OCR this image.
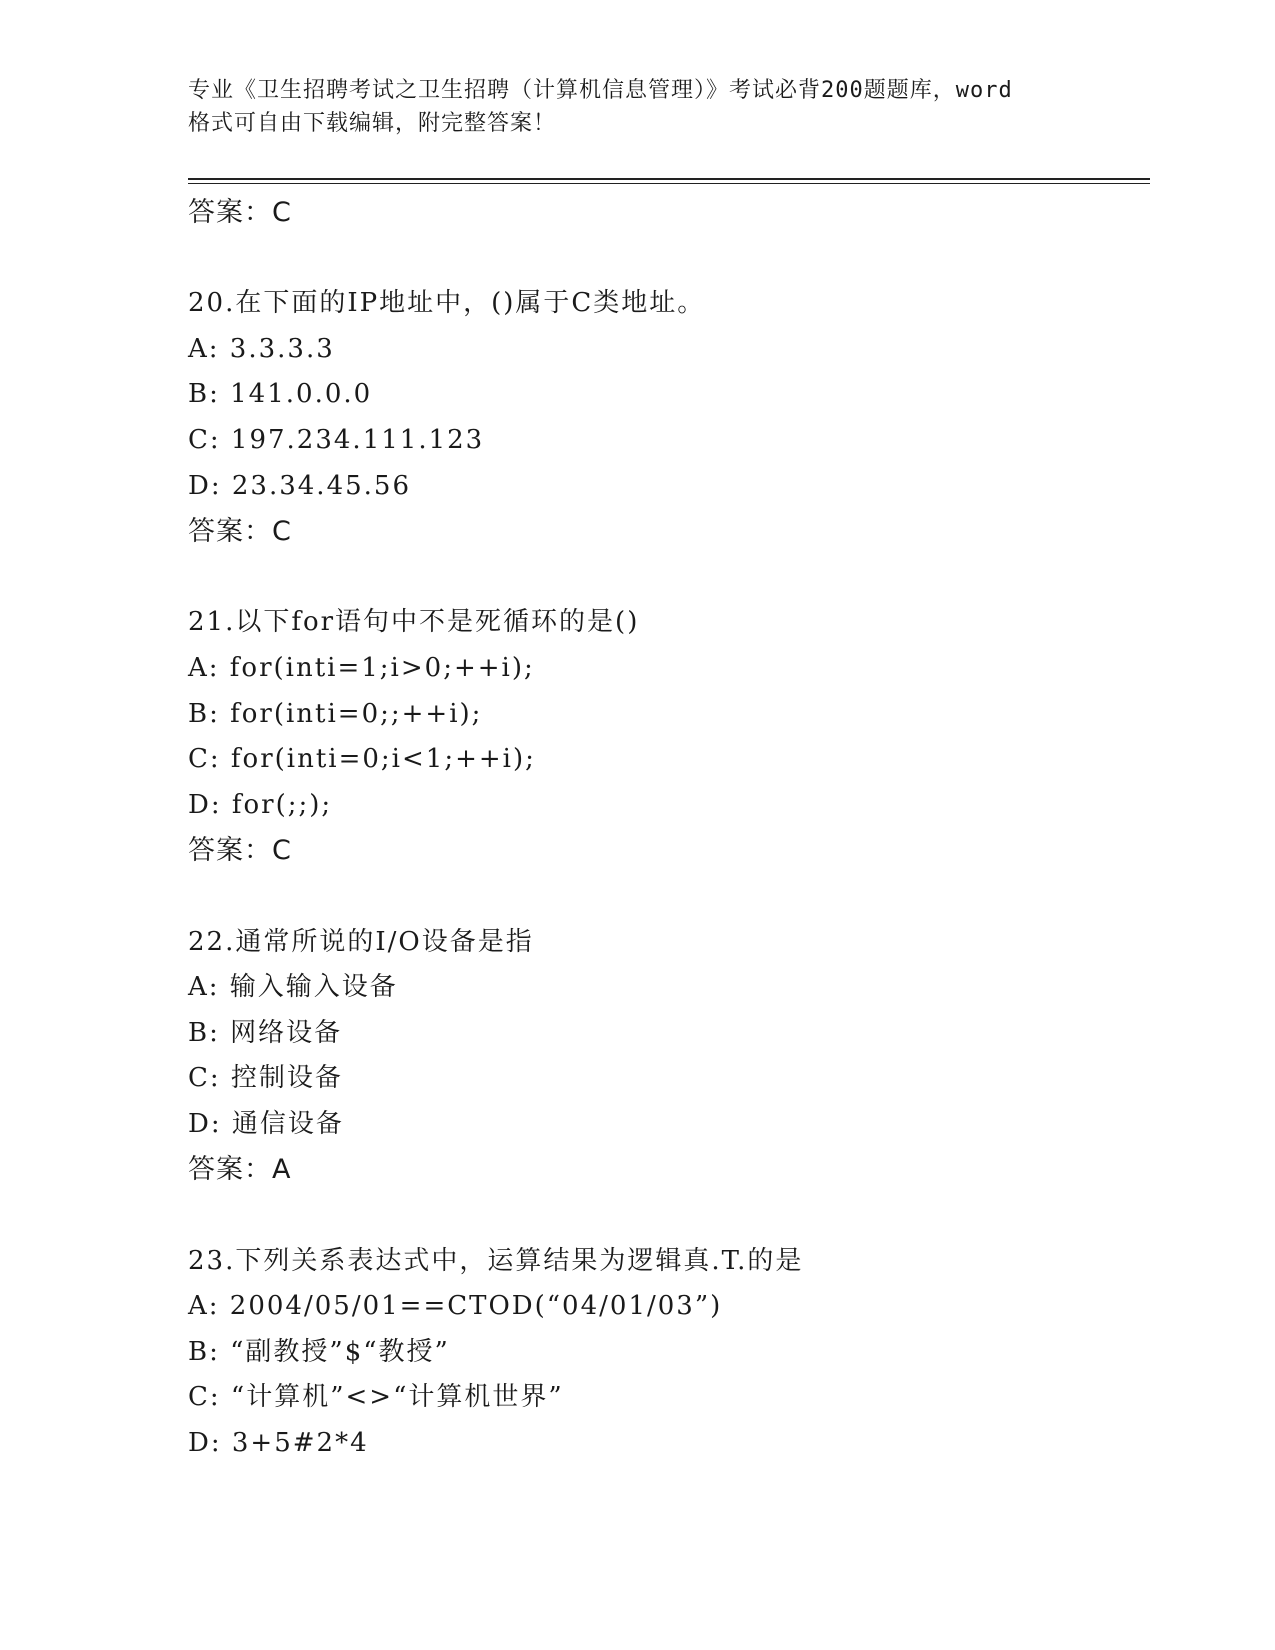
专业《卫生招聘考试之卫生招聘（计算机信息管理）》考试必背200题题库，word
格式可自由下载编辑，附完整答案！
答案：C
20.在下面的IP地址中，()属于C类地址。
A: 3.3.3.3
B: 141.0.0.0
C: 197.234.111.123
D: 23.34.45.56
答案：C
21.以下for语句中不是死循环的是()
A: for(inti=1;i>0;++i);
B: for(inti=0;;++i);
C: for(inti=0;i<1;++i);
D: for(;;);
答案：C
22.通常所说的I/O设备是指
A: 输入输入设备
B: 网络设备
C: 控制设备
D: 通信设备
答案：A
23.下列关系表达式中，运算结果为逻辑真.T.的是
A: 2004/05/01==CTOD(“04/01/03”)
B: “副教授”$“教授”
C: “计算机”<>“计算机世界”
D: 3+5#2*4
